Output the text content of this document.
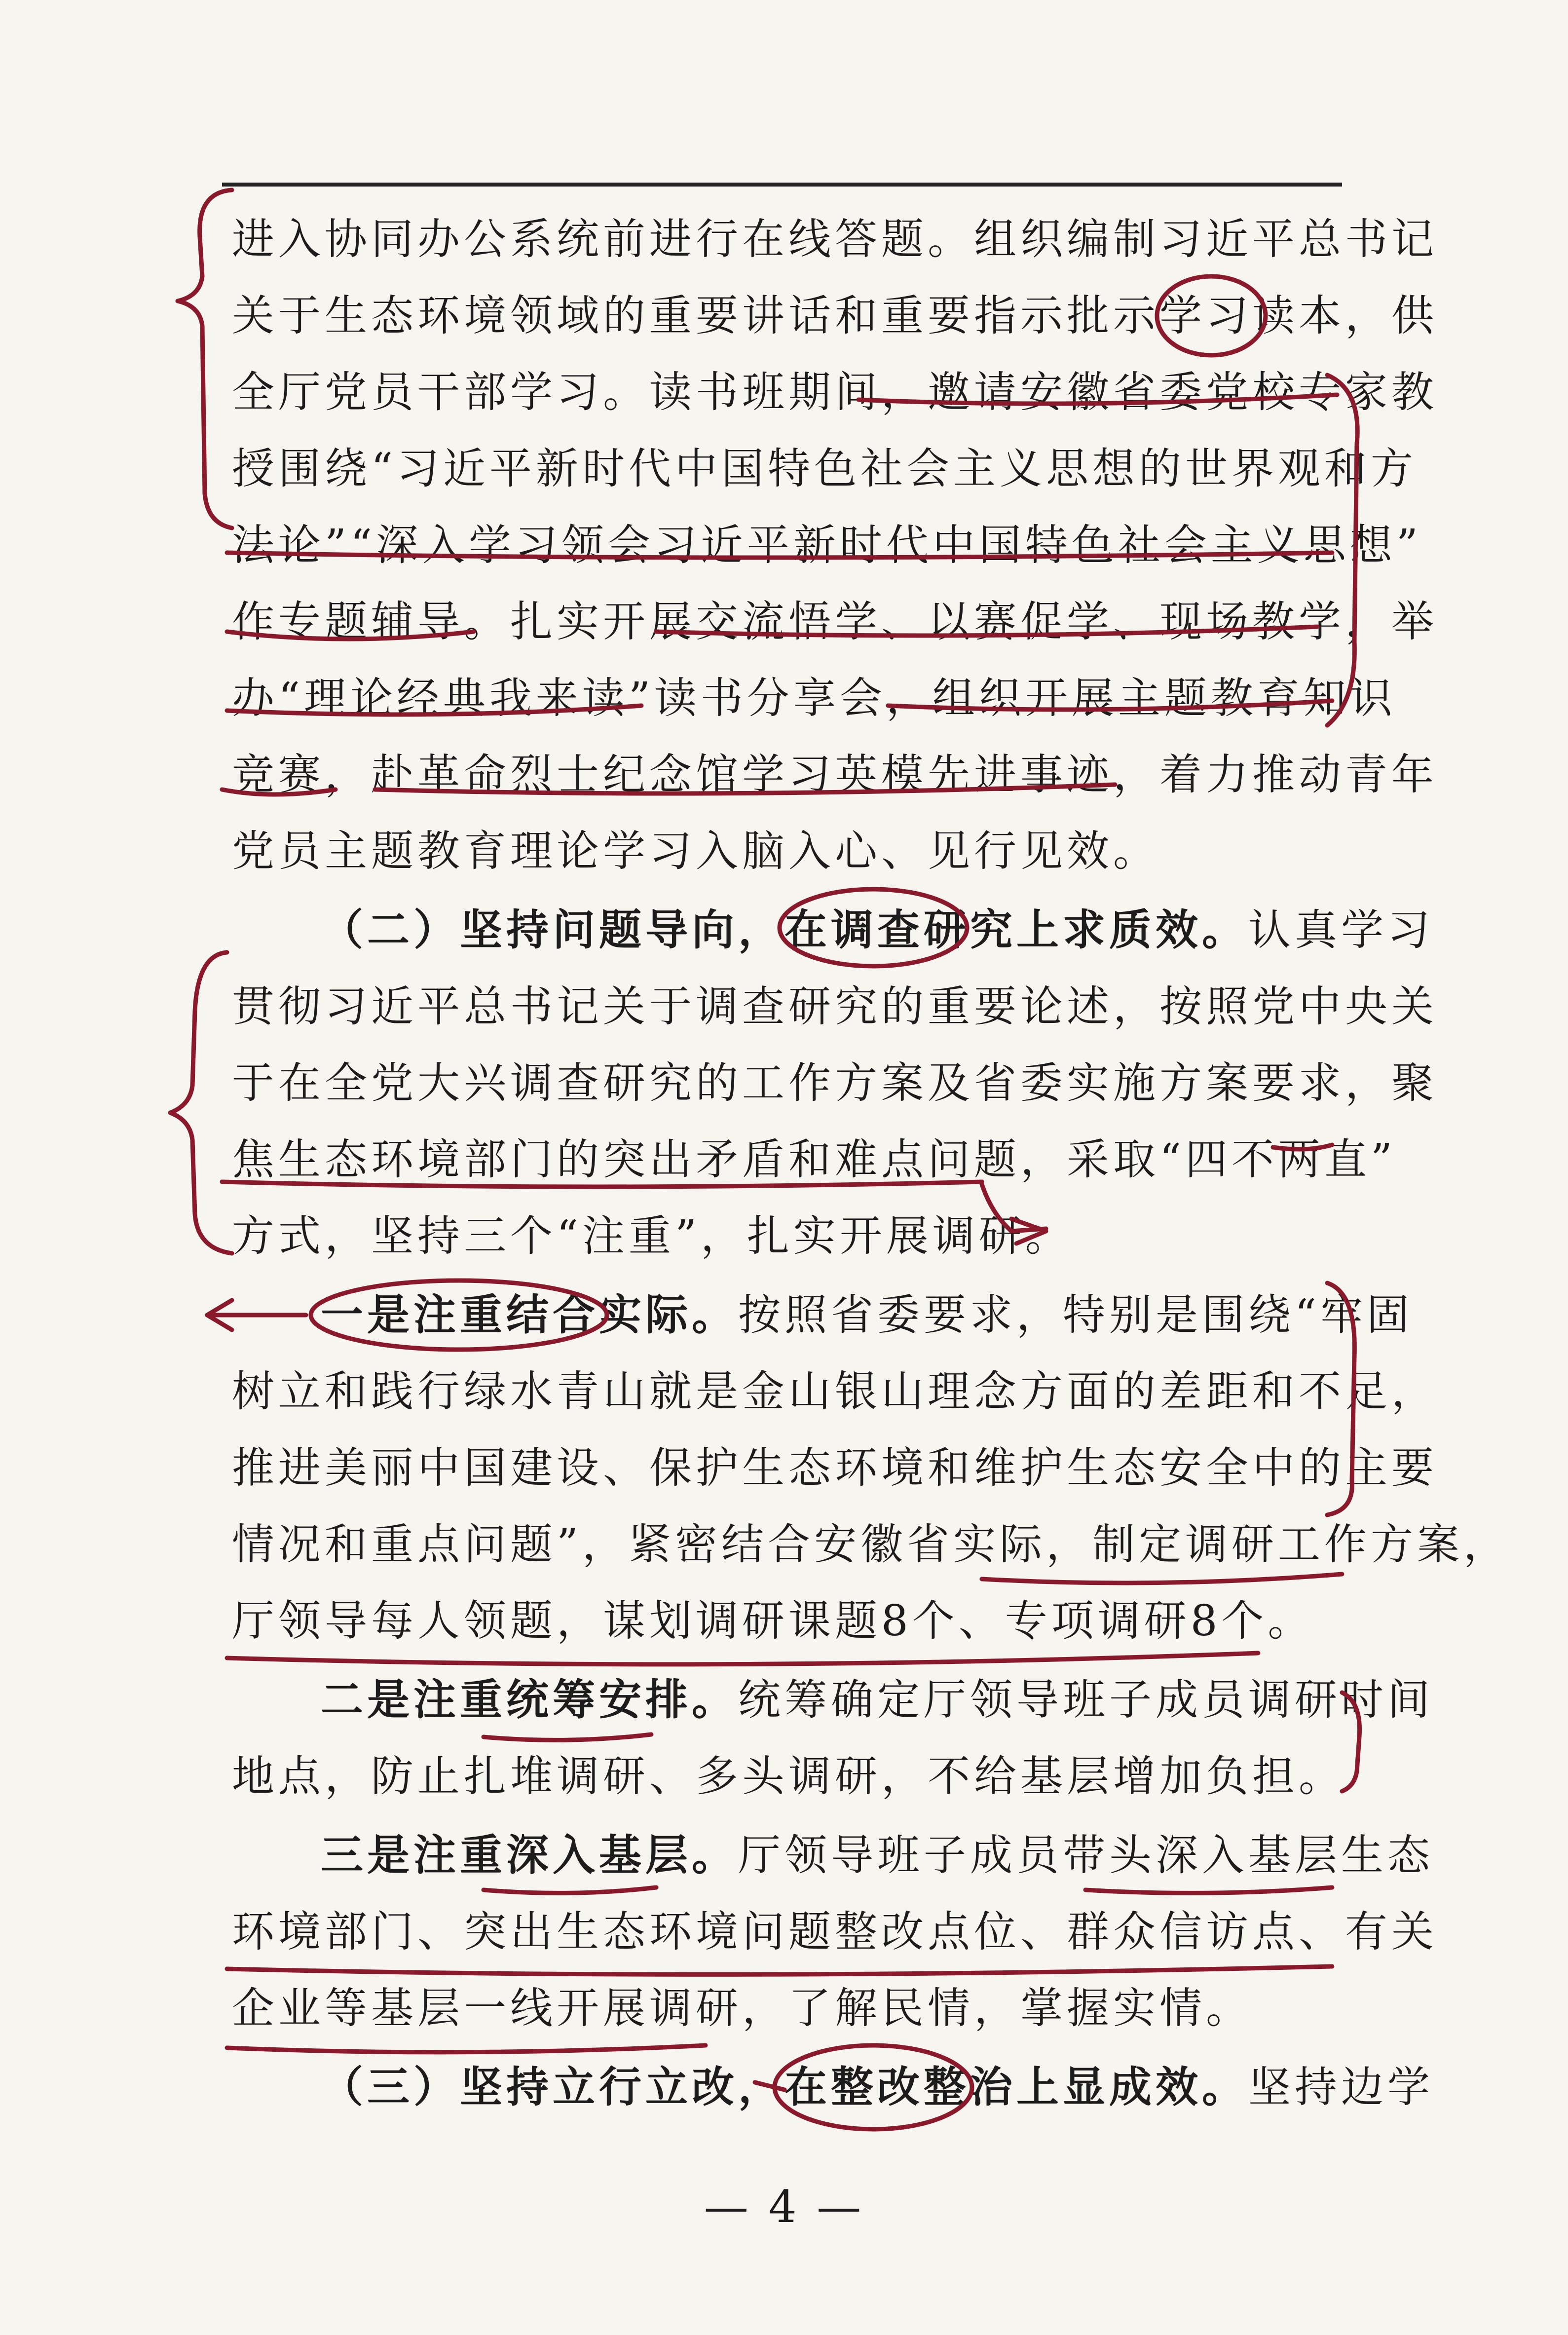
进入协同办公系统前进行在线答题。组织编制习近平总书记
关于生态环境领域的重要讲话和重要指示批示学习读本，供
全厅党员干部学习。读书班期间，邀请安徽省委党校专家教
授围绕“习近平新时代中国特色社会主义思想的世界观和方
法论”“深入学习领会习近平新时代中国特色社会主义思想”
作专题辅导。扎实开展交流悟学、以赛促学、现场教学，举
办“理论经典我来读”读书分享会，组织开展主题教育知识
竞赛，赴革命烈士纪念馆学习英模先进事迹，着力推动青年
党员主题教育理论学习入脑入心、见行见效。
（二）坚持问题导向，在调查研究上求质效。认真学习
贯彻习近平总书记关于调查研究的重要论述，按照党中央关
于在全党大兴调查研究的工作方案及省委实施方案要求，聚
焦生态环境部门的突出矛盾和难点问题，采取“四不两直”
方式，坚持三个“注重”，扎实开展调研。
一是注重结合实际。按照省委要求，特别是围绕“牢固
树立和践行绿水青山就是金山银山理念方面的差距和不足，
推进美丽中国建设、保护生态环境和维护生态安全中的主要
情况和重点问题”，紧密结合安徽省实际，制定调研工作方案，
厅领导每人领题，谋划调研课题8个、专项调研8个。
二是注重统筹安排。统筹确定厅领导班子成员调研时间
地点，防止扎堆调研、多头调研，不给基层增加负担。
三是注重深入基层。厅领导班子成员带头深入基层生态
环境部门、突出生态环境问题整改点位、群众信访点、有关
企业等基层一线开展调研，了解民情，掌握实情。
（三）坚持立行立改，在整改整治上显成效。坚持边学
— 4 —
